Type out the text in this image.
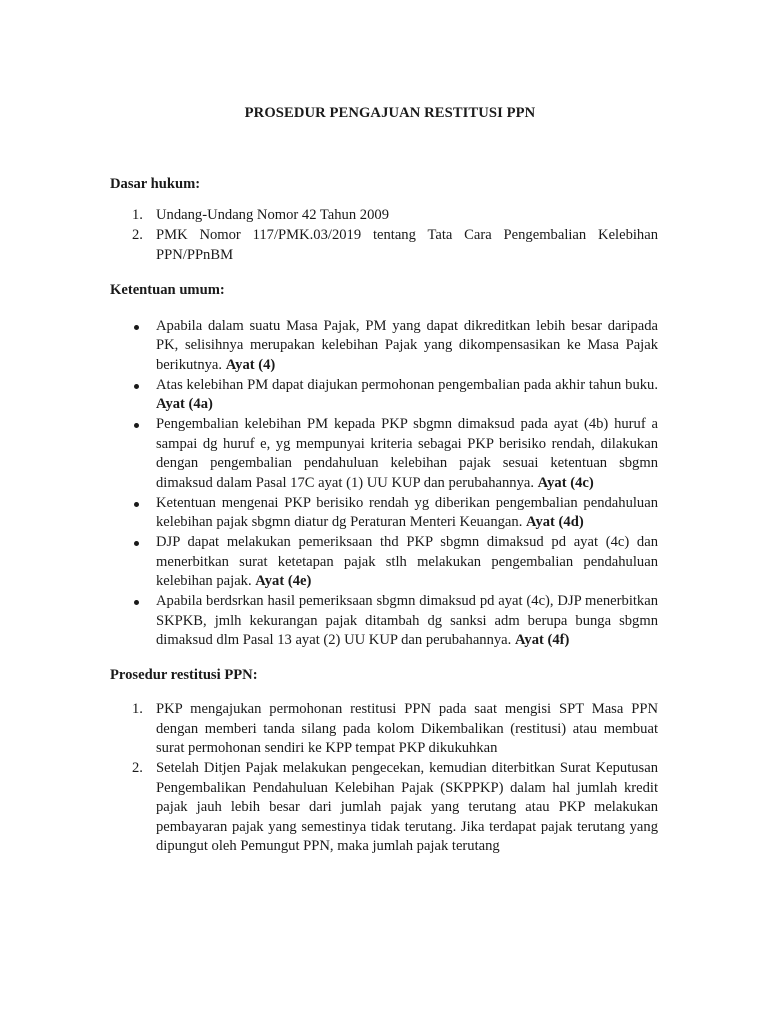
PROSEDUR PENGAJUAN RESTITUSI PPN

Dasar hukum:

1. Undang-Undang Nomor 42 Tahun 2009
2. PMK Nomor 117/PMK.03/2019 tentang Tata Cara Pengembalian Kelebihan PPN/PPnBM

Ketentuan umum:

Apabila dalam suatu Masa Pajak, PM yang dapat dikreditkan lebih besar daripada PK, selisihnya merupakan kelebihan Pajak yang dikompensasikan ke Masa Pajak berikutnya. Ayat (4)
Atas kelebihan PM dapat diajukan permohonan pengembalian pada akhir tahun buku. Ayat (4a)
Pengembalian kelebihan PM kepada PKP sbgmn dimaksud pada ayat (4b) huruf a sampai dg huruf e, yg mempunyai kriteria sebagai PKP berisiko rendah, dilakukan dengan pengembalian pendahuluan kelebihan pajak sesuai ketentuan sbgmn dimaksud dalam Pasal 17C ayat (1) UU KUP dan perubahannya. Ayat (4c)
Ketentuan mengenai PKP berisiko rendah yg diberikan pengembalian pendahuluan kelebihan pajak sbgmn diatur dg Peraturan Menteri Keuangan. Ayat (4d)
DJP dapat melakukan pemeriksaan thd PKP sbgmn dimaksud pd ayat (4c) dan menerbitkan surat ketetapan pajak stlh melakukan pengembalian pendahuluan kelebihan pajak. Ayat (4e)
Apabila berdsrkan hasil pemeriksaan sbgmn dimaksud pd ayat (4c), DJP menerbitkan SKPKB, jmlh kekurangan pajak ditambah dg sanksi adm berupa bunga sbgmn dimaksud dlm Pasal 13 ayat (2) UU KUP dan perubahannya. Ayat (4f)

Prosedur restitusi PPN:

1. PKP mengajukan permohonan restitusi PPN pada saat mengisi SPT Masa PPN dengan memberi tanda silang pada kolom Dikembalikan (restitusi) atau membuat surat permohonan sendiri ke KPP tempat PKP dikukuhkan
2. Setelah Ditjen Pajak melakukan pengecekan, kemudian diterbitkan Surat Keputusan Pengembalikan Pendahuluan Kelebihan Pajak (SKPPKP) dalam hal jumlah kredit pajak jauh lebih besar dari jumlah pajak yang terutang atau PKP melakukan pembayaran pajak yang semestinya tidak terutang. Jika terdapat pajak terutang yang dipungut oleh Pemungut PPN, maka jumlah pajak terutang
